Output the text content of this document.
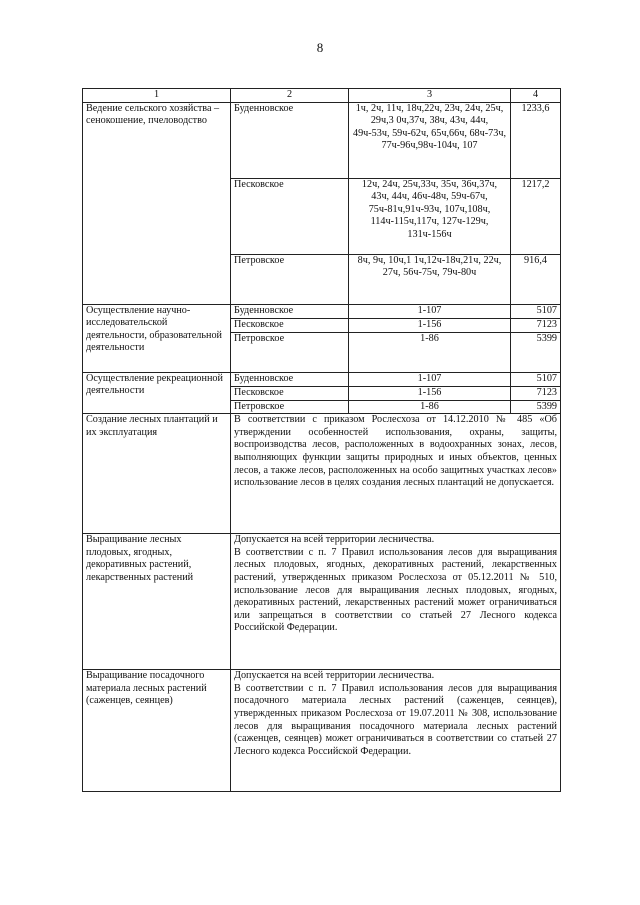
8
1	2	3	4
Ведение сельского хозяйства – сенокошение, пчеловодство	Буденновское	1ч, 2ч, 11ч, 18ч,22ч, 23ч, 24ч, 25ч, 29ч,3 0ч,37ч, 38ч, 43ч, 44ч, 49ч-53ч, 59ч-62ч, 65ч,66ч, 68ч-73ч, 77ч-96ч,98ч-104ч, 107	1233,6
	Песковское	12ч, 24ч, 25ч,33ч, 35ч, 36ч,37ч, 43ч, 44ч, 46ч-48ч, 59ч-67ч, 75ч-81ч,91ч-93ч, 107ч,108ч, 114ч-115ч,117ч, 127ч-129ч, 131ч-156ч	1217,2
	Петровское	8ч, 9ч, 10ч,1 1ч,12ч-18ч,21ч, 22ч, 27ч, 56ч-75ч, 79ч-80ч	916,4
Осуществление научно-исследовательской деятельности, образовательной деятельности	Буденновское	1-107	5107
	Песковское	1-156	7123
	Петровское	1-86	5399
Осуществление рекреационной деятельности	Буденновское	1-107	5107
	Песковское	1-156	7123
	Петровское	1-86	5399
Создание лесных плантаций и их эксплуатация	В соответствии с приказом Рослесхоза от 14.12.2010 № 485 «Об утверждении особенностей использования, охраны, защиты, воспроизводства лесов, расположенных в водоохранных зонах, лесов, выполняющих функции защиты природных и иных объектов, ценных лесов, а также лесов, расположенных на особо защитных участках лесов» использование лесов в целях создания лесных плантаций не допускается.		
Выращивание лесных плодовых, ягодных, декоративных растений, лекарственных растений	Допускается на всей территории лесничества.
В соответствии с п. 7 Правил использования лесов для выращивания лесных плодовых, ягодных, декоративных растений, лекарственных растений, утвержденных приказом Рослесхоза от 05.12.2011 № 510, использование лесов для выращивания лесных плодовых, ягодных, декоративных растений, лекарственных растений может ограничиваться или запрещаться в соответствии со статьей 27 Лесного кодекса Российской Федерации.		

Выращивание посадочного материала лесных растений (саженцев, сеянцев)	Допускается на всей территории лесничества.
В соответствии с п. 7 Правил использования лесов для выращивания посадочного материала лесных растений (саженцев, сеянцев), утвержденных приказом Рослесхоза от 19.07.2011 № 308, использование лесов для выращивания посадочного материала лесных растений (саженцев, сеянцев) может ограничиваться в соответствии со статьей 27 Лесного кодекса Российской Федерации.		
